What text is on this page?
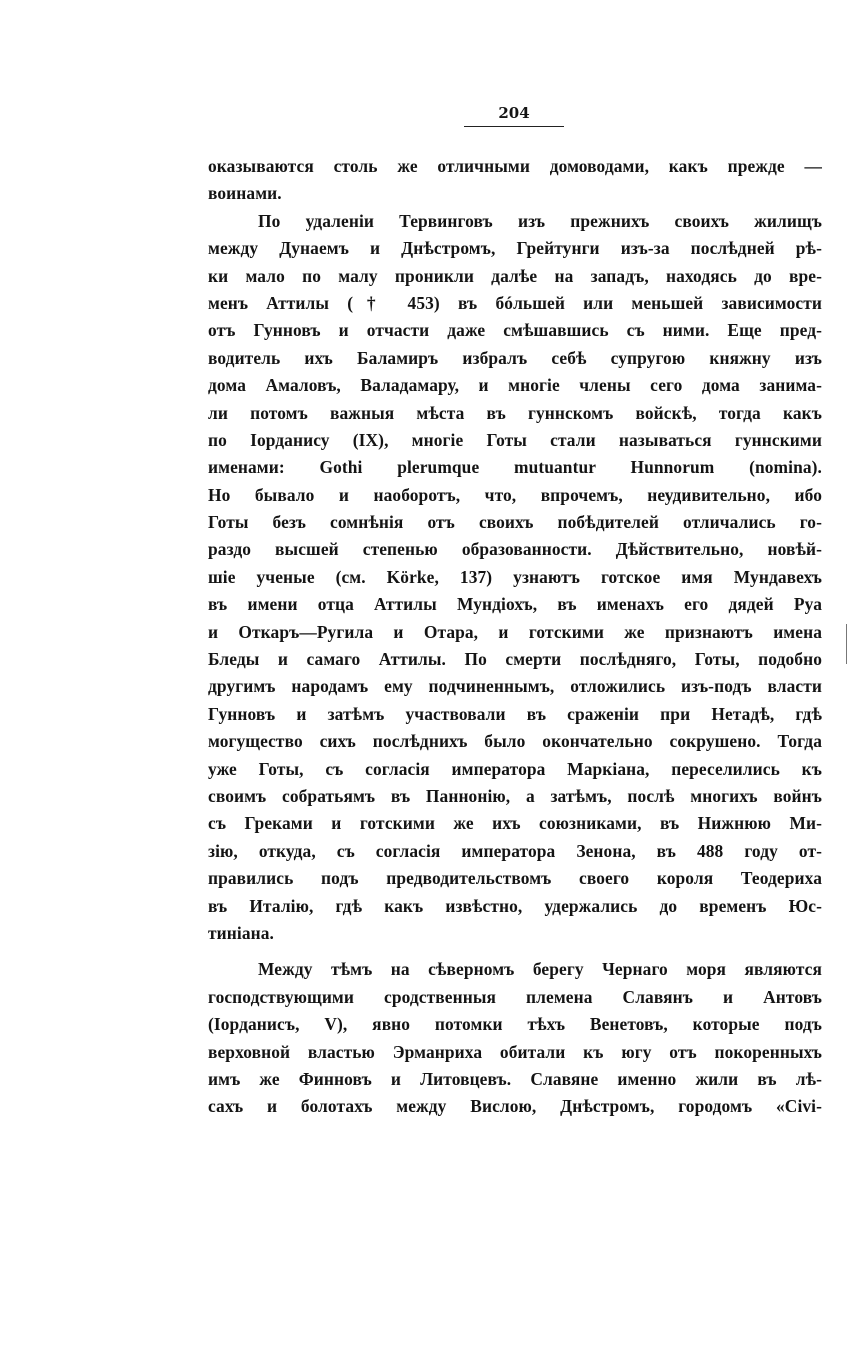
204
оказываются столь же отличными домоводами, какъ прежде —
воинами.
По удаленіи Тервинговъ изъ прежнихъ своихъ жилищъ
между Дунаемъ и Днѣстромъ, Грейтунги изъ-за послѣдней рѣ-
ки мало по малу проникли далѣе на западъ, находясь до вре-
менъ Аттилы († 453) въ бóльшей или меньшей зависимости
отъ Гунновъ и отчасти даже смѣшавшись съ ними. Еще пред-
водитель ихъ Баламиръ избралъ себѣ супругою княжну изъ
дома Амаловъ, Валадамару, и многіе члены сего дома занима-
ли потомъ важныя мѣста въ гуннскомъ войскѣ, тогда какъ
по Іорданису (IX), многіе Готы стали называться гуннскими
именами: Gothi plerumque mutuantur Hunnorum (nomina).
Но бывало и наоборотъ, что, впрочемъ, неудивительно, ибо
Готы безъ сомнѣнія отъ своихъ побѣдителей отличались го-
раздо высшей степенью образованности. Дѣйствительно, новѣй-
шіе ученые (см. Körke, 137) узнаютъ готское имя Мундавехъ
въ имени отца Аттилы Мундіохъ, въ именахъ его дядей Руа
и Откаръ—Ругила и Отара, и готскими же признаютъ имена
Бледы и самаго Аттилы. По смерти послѣдняго, Готы, подобно
другимъ народамъ ему подчиненнымъ, отложились изъ-подъ власти
Гунновъ и затѣмъ участвовали въ сраженіи при Нетадѣ, гдѣ
могущество сихъ послѣднихъ было окончательно сокрушено. Тогда
уже Готы, съ согласія императора Маркіана, переселились къ
своимъ собратьямъ въ Паннонію, а затѣмъ, послѣ многихъ войнъ
съ Греками и готскими же ихъ союзниками, въ Нижнюю Ми-
зію, откуда, съ согласія императора Зенона, въ 488 году от-
правились подъ предводительствомъ своего короля Теодериха
въ Италію, гдѣ какъ извѣстно, удержались до временъ Юс-
тиніана.
Между тѣмъ на сѣверномъ берегу Чернаго моря являются
господствующими сродственныя племена Славянъ и Антовъ
(Іорданисъ, V), явно потомки тѣхъ Венетовъ, которые подъ
верховной властью Эрманриха обитали къ югу отъ покоренныхъ
имъ же Финновъ и Литовцевъ. Славяне именно жили въ лѣ-
сахъ и болотахъ между Вислою, Днѣстромъ, городомъ «Civi-
